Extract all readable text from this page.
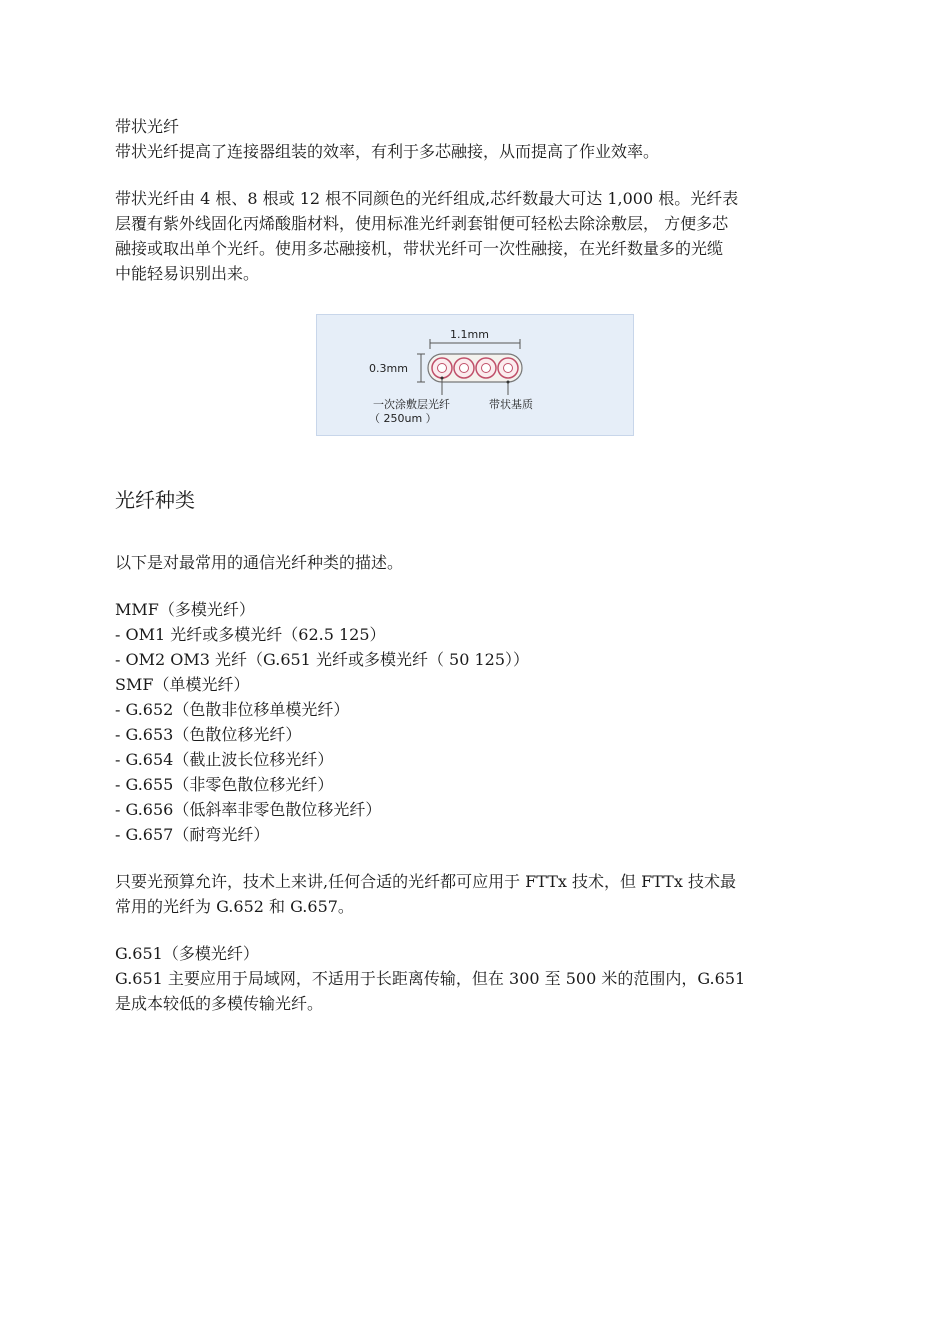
带状光纤

带状光纤提高了连接器组装的效率，有利于多芯融接，从而提高了作业效率。

带状光纤由 4 根、8 根或 12 根不同颜色的光纤组成,芯纤数最大可达 1,000 根。光纤表

层覆有紫外线固化丙烯酸脂材料，使用标准光纤剥套钳便可轻松去除涂敷层， 方便多芯

融接或取出单个光纤。使用多芯融接机，带状光纤可一次性融接，在光纤数量多的光缆

中能轻易识别出来。

1.1mm
0.3mm
一次涂敷层光纤
（ 250um ）
带状基质
光纤种类

以下是对最常用的通信光纤种类的描述。

MMF（多模光纤）

- OM1 光纤或多模光纤（62.5 125）

- OM2 OM3 光纤（G.651 光纤或多模光纤（ 50 125））

SMF（单模光纤）

- G.652（色散非位移单模光纤）

- G.653（色散位移光纤）

- G.654（截止波长位移光纤）

- G.655（非零色散位移光纤）

- G.656（低斜率非零色散位移光纤）

- G.657（耐弯光纤）

只要光预算允许，技术上来讲,任何合适的光纤都可应用于 FTTx 技术，但 FTTx 技术最

常用的光纤为 G.652 和 G.657。

G.651（多模光纤）

G.651 主要应用于局域网，不适用于长距离传输，但在 300 至 500 米的范围内，G.651

是成本较低的多模传输光纤。
